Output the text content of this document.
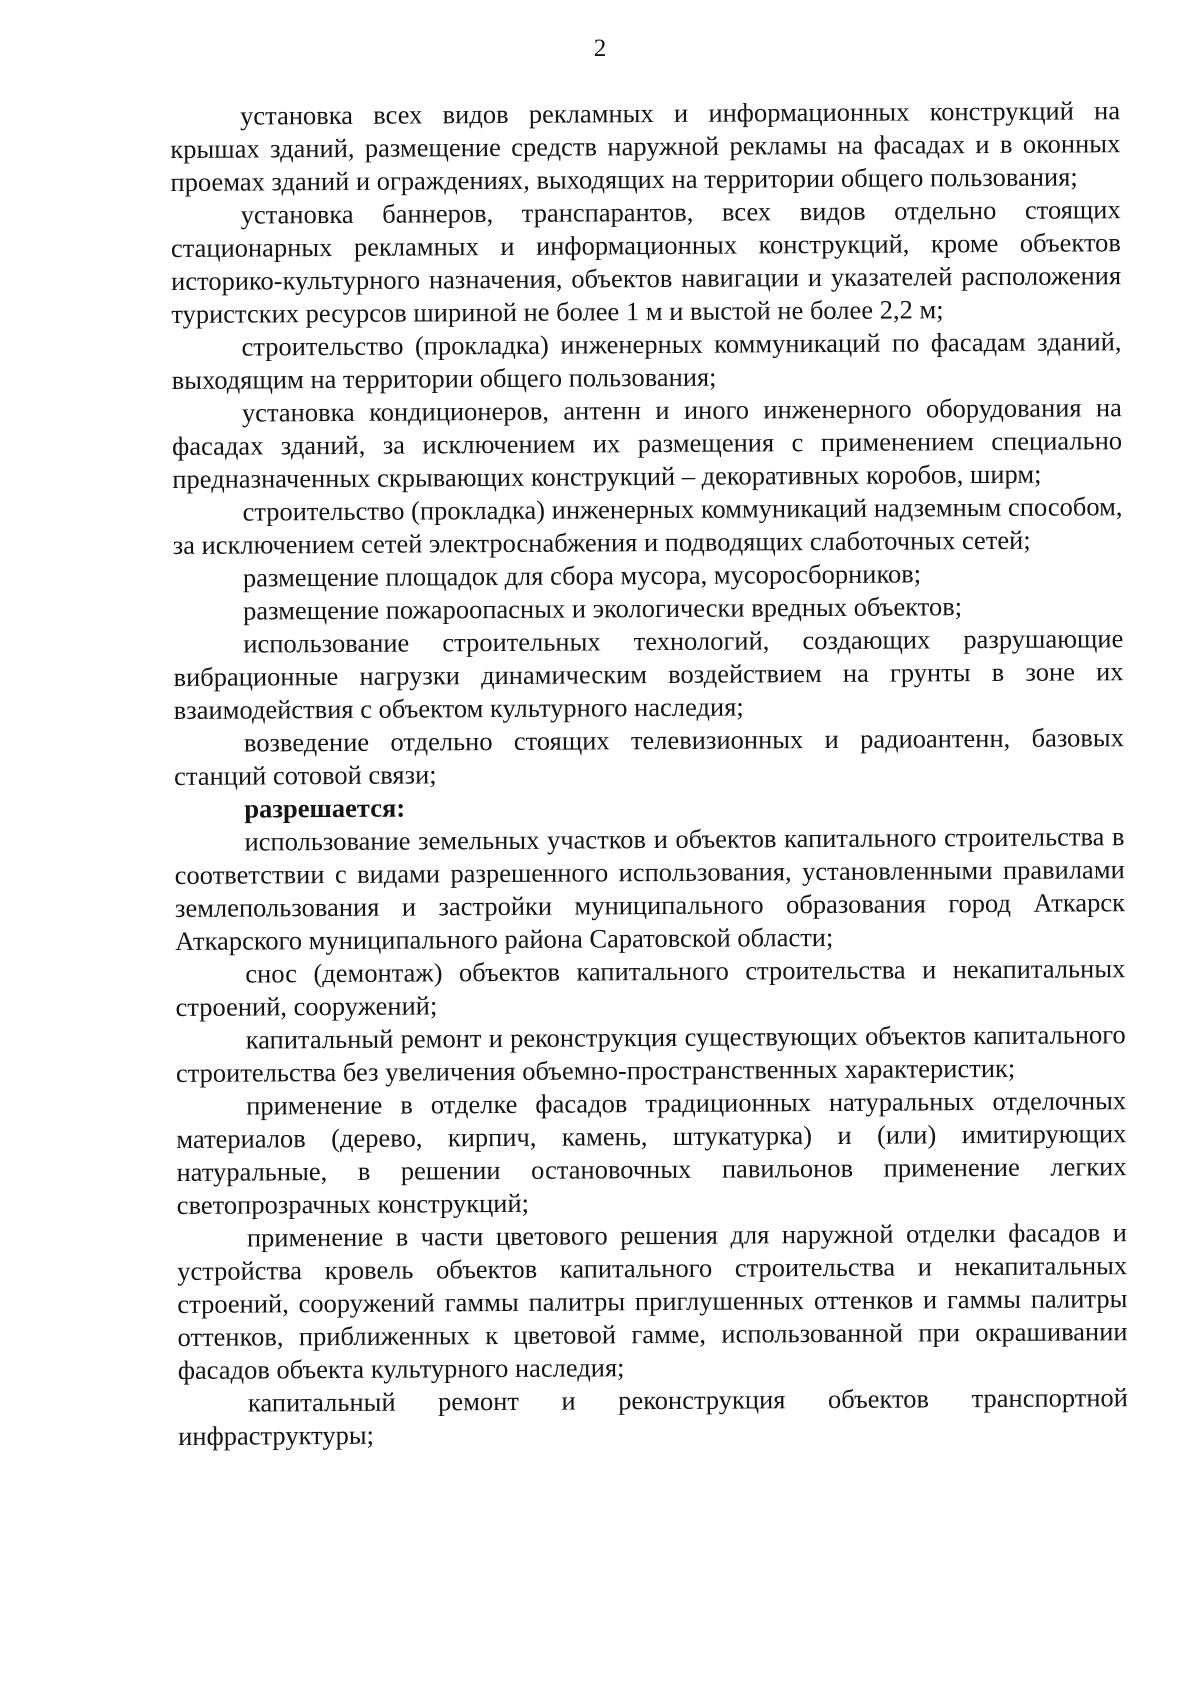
2

установка всех видов рекламных и информационных конструкций на крышах зданий, размещение средств наружной рекламы на фасадах и в оконных проемах зданий и ограждениях, выходящих на территории общего пользования;

установка баннеров, транспарантов, всех видов отдельно стоящих стационарных рекламных и информационных конструкций, кроме объектов историко-культурного назначения, объектов навигации и указателей расположения туристских ресурсов шириной не более 1 м и выстой не более 2,2 м;

строительство (прокладка) инженерных коммуникаций по фасадам зданий, выходящим на территории общего пользования;

установка кондиционеров, антенн и иного инженерного оборудования на фасадах зданий, за исключением их размещения с применением специально предназначенных скрывающих конструкций – декоративных коробов, ширм;

строительство (прокладка) инженерных коммуникаций надземным способом, за исключением сетей электроснабжения и подводящих слаботочных сетей;

размещение площадок для сбора мусора, мусоросборников;

размещение пожароопасных и экологически вредных объектов;

использование строительных технологий, создающих разрушающие вибрационные нагрузки динамическим воздействием на грунты в зоне их взаимодействия с объектом культурного наследия;

возведение отдельно стоящих телевизионных и радиоантенн, базовых станций сотовой связи;

разрешается:

использование земельных участков и объектов капитального строительства в соответствии с видами разрешенного использования, установленными правилами землепользования и застройки муниципального образования город Аткарск Аткарского муниципального района Саратовской области;

снос (демонтаж) объектов капитального строительства и некапитальных строений, сооружений;

капитальный ремонт и реконструкция существующих объектов капитального строительства без увеличения объемно-пространственных характеристик;

применение в отделке фасадов традиционных натуральных отделочных материалов (дерево, кирпич, камень, штукатурка) и (или) имитирующих натуральные, в решении остановочных павильонов применение легких светопрозрачных конструкций;

применение в части цветового решения для наружной отделки фасадов и устройства кровель объектов капитального строительства и некапитальных строений, сооружений гаммы палитры приглушенных оттенков и гаммы палитры оттенков, приближенных к цветовой гамме, использованной при окрашивании фасадов объекта культурного наследия;

капитальный ремонт и реконструкция объектов транспортной инфраструктуры;
